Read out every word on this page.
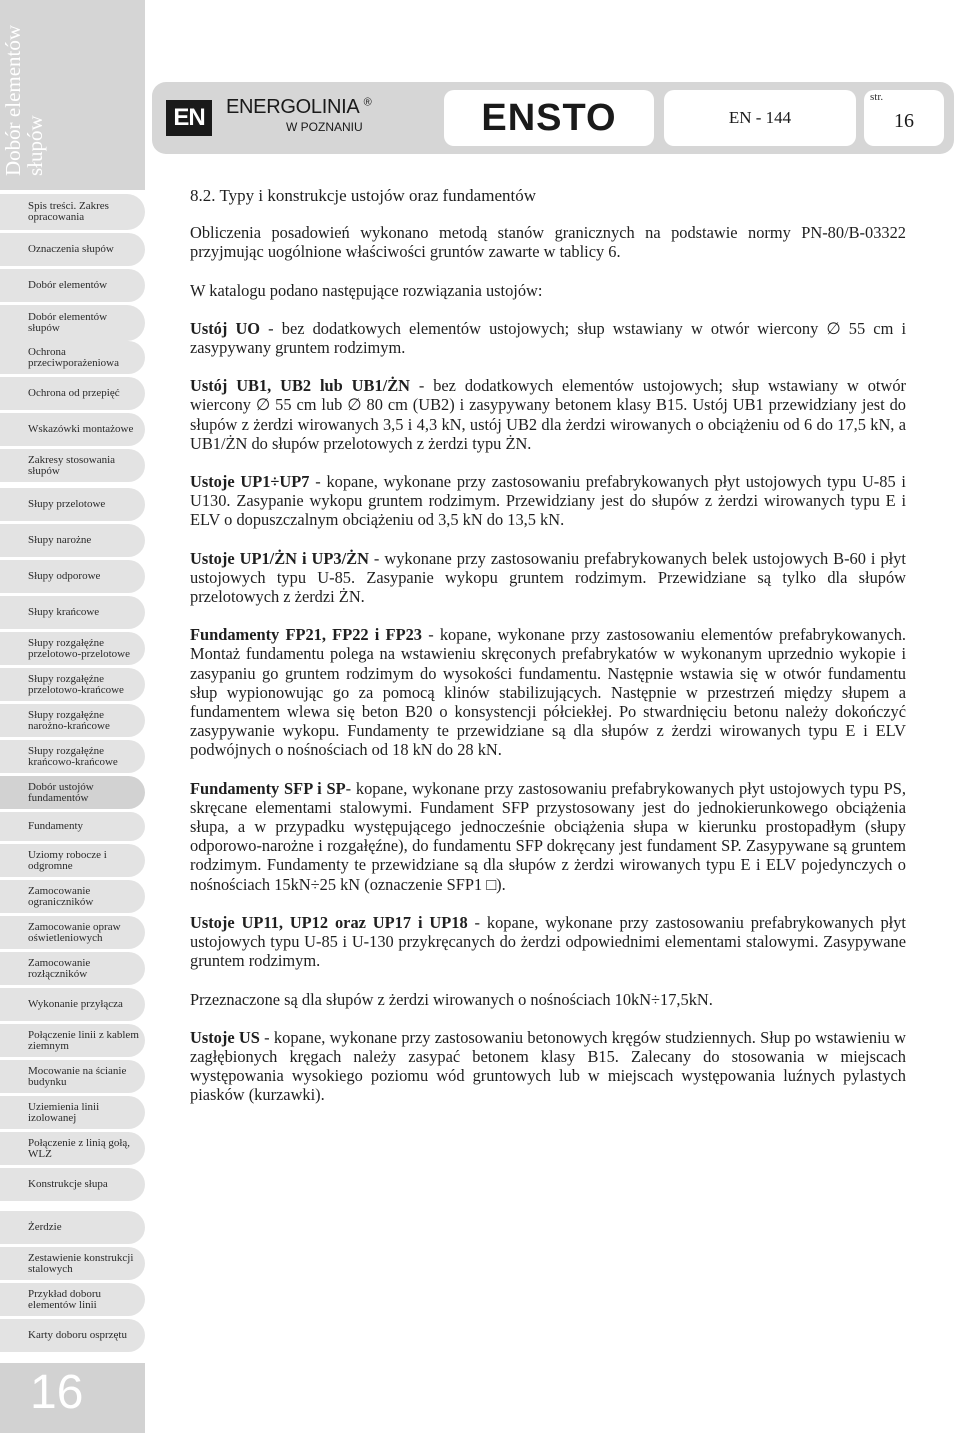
Dobór elementów słupów
Spis treści. Zakres opracowania
Oznaczenia słupów
Dobór elementów
Dobór elementów słupów
Ochrona przeciwporażeniowa
Ochrona od przepięć
Wskazówki montażowe
Zakresy stosowania słupów
Słupy przelotowe
Słupy narożne
Słupy odporowe
Słupy krańcowe
Słupy rozgałęźne przelotowo-przelotowe
Słupy rozgałęźne przelotowo-krańcowe
Słupy rozgałęźne narożno-krańcowe
Słupy rozgałęźne krańcowo-krańcowe
Dobór ustojów fundamentów
Fundamenty
Uziomy robocze i odgromne
Zamocowanie ograniczników
Zamocowanie opraw oświetleniowych
Zamocowanie rozłączników
Wykonanie przyłącza
Połączenie linii z kablem ziemnym
Mocowanie na ścianie budynku
Uziemienia linii izolowanej
Połączenie z linią gołą, WLZ
Konstrukcje słupa
Żerdzie
Zestawienie konstrukcji stalowych
Przykład doboru elementów linii
Karty doboru osprzętu
16
EN	ENERGOLINIA ®
W POZNANIU	ENSTO	EN - 144
str.
16

8.2. Typy i konstrukcje ustojów oraz fundamentów

Obliczenia posadowień wykonano metodą stanów granicznych na podstawie normy PN-80/B-03322 przyjmując uogólnione właściwości gruntów zawarte w tablicy 6.

W katalogu podano następujące rozwiązania ustojów:

Ustój UO - bez dodatkowych elementów ustojowych; słup wstawiany w otwór wiercony ∅ 55 cm i zasypywany gruntem rodzimym.

Ustój UB1, UB2 lub UB1/ŻN - bez dodatkowych elementów ustojowych; słup wstawiany w otwór wiercony ∅ 55 cm lub ∅ 80 cm (UB2) i zasypywany betonem klasy B15. Ustój UB1 przewidziany jest do słupów z żerdzi wirowanych 3,5 i 4,3 kN, ustój UB2 dla żerdzi wirowanych o obciążeniu od 6 do 17,5 kN, a UB1/ŻN do słupów przelotowych z żerdzi typu ŻN.

Ustoje UP1÷UP7 - kopane, wykonane przy zastosowaniu prefabrykowanych płyt ustojowych typu U-85 i U130. Zasypanie wykopu gruntem rodzimym. Przewidziany jest do słupów z żerdzi wirowanych typu E i ELV o dopuszczalnym obciążeniu od 3,5 kN do 13,5 kN.

Ustoje UP1/ŻN i UP3/ŻN - wykonane przy zastosowaniu prefabrykowanych belek ustojowych B-60 i płyt ustojowych typu U-85. Zasypanie wykopu gruntem rodzimym. Przewidziane są tylko dla słupów przelotowych z żerdzi ŻN.

Fundamenty FP21, FP22 i FP23 - kopane, wykonane przy zastosowaniu elementów prefabrykowanych. Montaż fundamentu polega na wstawieniu skręconych prefabrykatów w wykonanym uprzednio wykopie i zasypaniu go gruntem rodzimym do wysokości fundamentu. Następnie wstawia się w otwór fundamentu słup wypionowując go za pomocą klinów stabilizujących. Następnie w przestrzeń między słupem a fundamentem wlewa się beton B20 o konsystencji półciekłej. Po stwardnięciu betonu należy dokończyć zasypywanie wykopu. Fundamenty te przewidziane są dla słupów z żerdzi wirowanych typu E i ELV podwójnych o nośnościach od 18 kN do 28 kN.

Fundamenty SFP i SP- kopane, wykonane przy zastosowaniu prefabrykowanych płyt ustojowych typu PS, skręcane elementami stalowymi. Fundament SFP przystosowany jest do jednokierunkowego obciążenia słupa, a w przypadku występującego jednocześnie obciążenia słupa w kierunku prostopadłym (słupy odporowo-narożne i rozgałęźne), do fundamentu SFP dokręcany jest fundament SP. Zasypywane są gruntem rodzimym. Fundamenty te przewidziane są dla słupów z żerdzi wirowanych typu E i ELV pojedynczych o nośnościach 15kN÷25 kN (oznaczenie SFP1 □).

Ustoje UP11, UP12 oraz UP17 i UP18 - kopane, wykonane przy zastosowaniu prefabrykowanych płyt ustojowych typu U-85 i U-130 przykręcanych do żerdzi odpowiednimi elementami stalowymi. Zasypywane gruntem rodzimym.

Przeznaczone są dla słupów z żerdzi wirowanych o nośnościach 10kN÷17,5kN.

Ustoje US - kopane, wykonane przy zastosowaniu betonowych kręgów studziennych. Słup po wstawieniu w zagłębionych kręgach należy zasypać betonem klasy B15. Zalecany do stosowania w miejscach występowania wysokiego poziomu wód gruntowych lub w miejscach występowania luźnych pylastych piasków (kurzawki).
